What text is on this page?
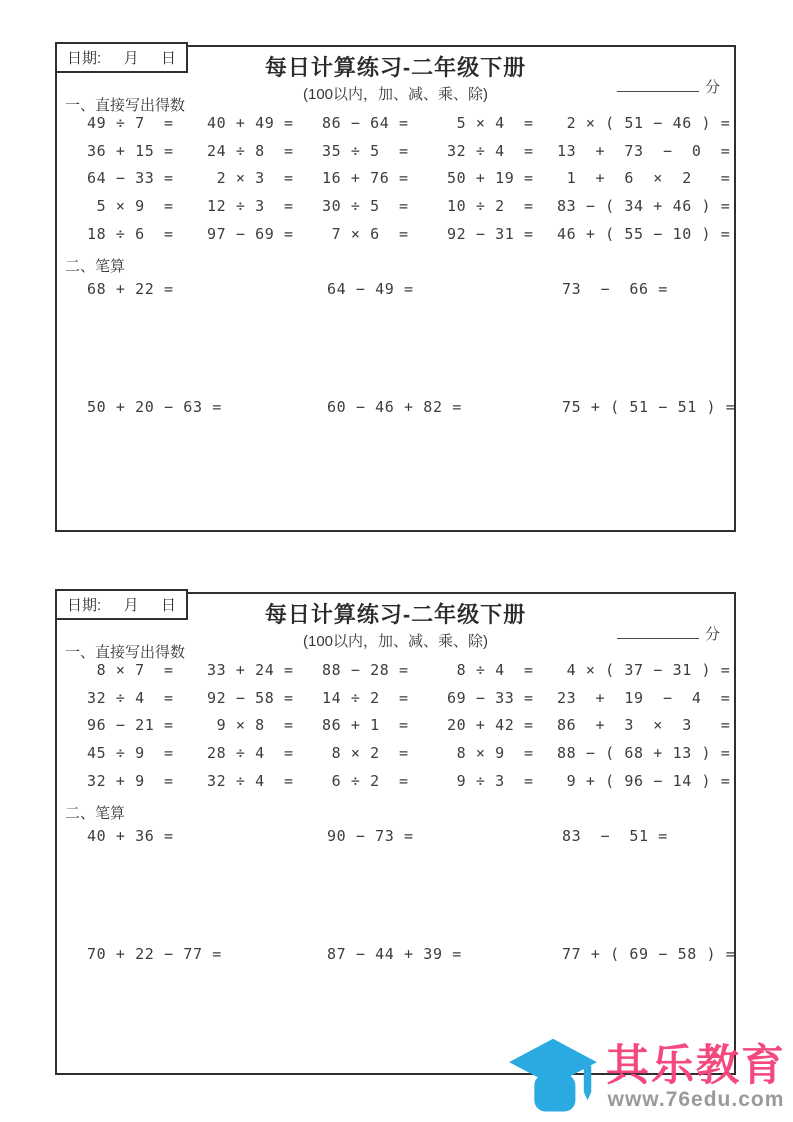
日期: 月 日	每日计算练习-二年级下册
(100以内，加、减、乘、除)	分
一、直接写出得数
49 ÷ 7  =	40 + 49 =	86 − 64 =	5 × 4  =	2 × ( 51 − 46 ) =
36 + 15 =	24 ÷ 8  =	35 ÷ 5  =	32 ÷ 4  =	13  +  73  −  0  =
64 − 33 =	2 × 3  =	16 + 76 =	50 + 19 =	1  +  6  ×  2   =
5 × 9  =	12 ÷ 3  =	30 ÷ 5  =	10 ÷ 2  =	83 − ( 34 + 46 ) =
18 ÷ 6  =	97 − 69 =	7 × 6  =	92 − 31 =	46 + ( 55 − 10 ) =
二、笔算
68 + 22 =	64 − 49 =	73  −  66 =
50 + 20 − 63 =	60 − 46 + 82 =	75 + ( 51 − 51 ) =
日期: 月 日	每日计算练习-二年级下册
(100以内，加、减、乘、除)	分
一、直接写出得数
8 × 7  =	33 + 24 =	88 − 28 =	8 ÷ 4  =	4 × ( 37 − 31 ) =
32 ÷ 4  =	92 − 58 =	14 ÷ 2  =	69 − 33 =	23  +  19  −  4  =
96 − 21 =	9 × 8  =	86 + 1  =	20 + 42 =	86  +  3  ×  3   =
45 ÷ 9  =	28 ÷ 4  =	8 × 2  =	8 × 9  =	88 − ( 68 + 13 ) =
32 + 9  =	32 ÷ 4  =	6 ÷ 2  =	9 ÷ 3  =	9 + ( 96 − 14 ) =
二、笔算
40 + 36 =	90 − 73 =	83  −  51 =
70 + 22 − 77 =	87 − 44 + 39 =	77 + ( 69 − 58 ) =
其乐教育
www.76edu.com
